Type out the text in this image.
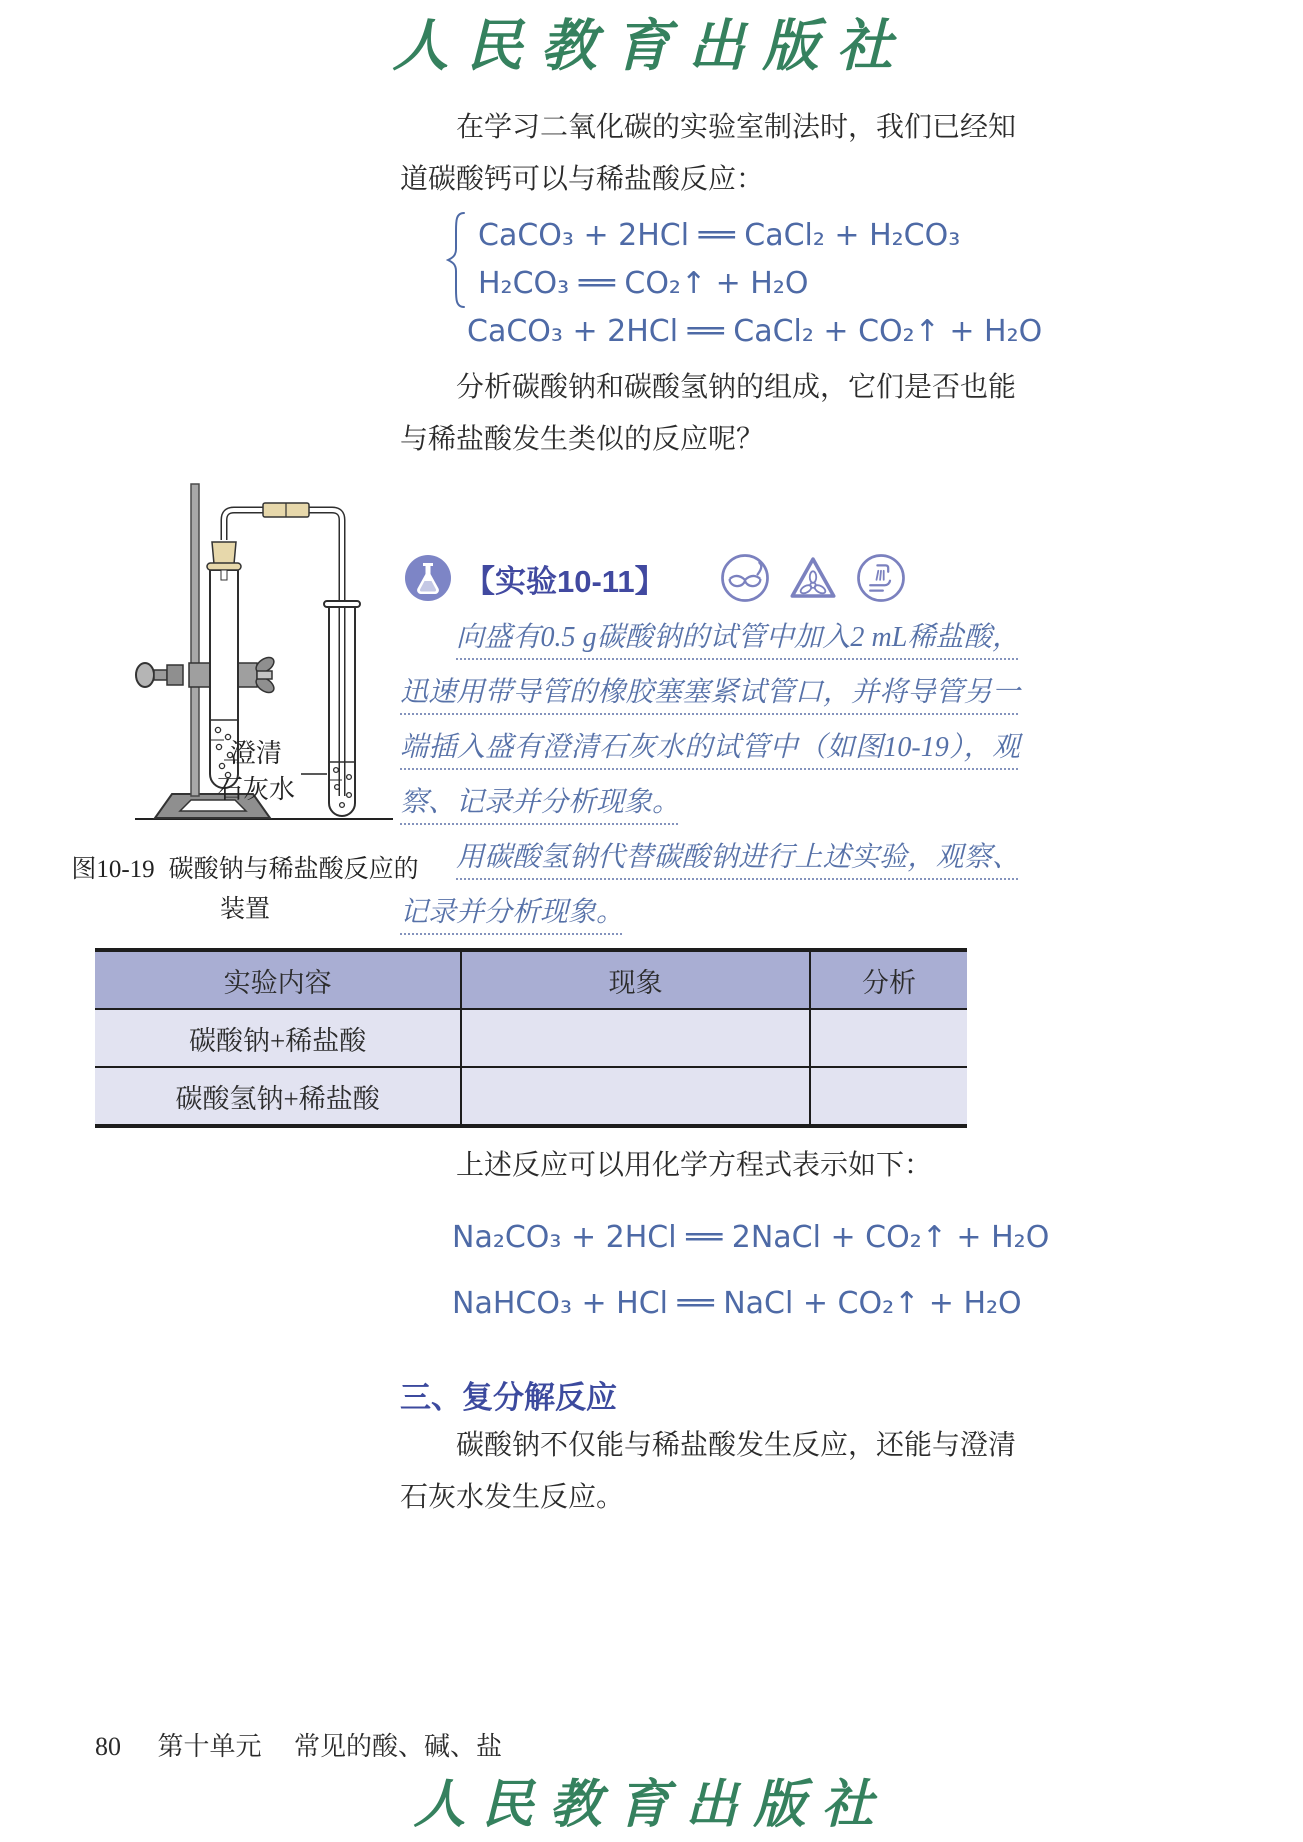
人民教育出版社

在学习二氧化碳的实验室制法时，我们已经知道碳酸钙可以与稀盐酸反应：

CaCO₃ + 2HCl ══ CaCl₂ + H₂CO₃
H₂CO₃ ══ CO₂↑ + H₂O
CaCO₃ + 2HCl ══ CaCl₂ + CO₂↑ + H₂O

分析碳酸钠和碳酸氢钠的组成，它们是否也能与稀盐酸发生类似的反应呢？

【实验10-11】

向盛有0.5 g碳酸钠的试管中加入2 mL稀盐酸，迅速用带导管的橡胶塞塞紧试管口，并将导管另一端插入盛有澄清石灰水的试管中（如图10-19），观察、记录并分析现象。

用碳酸氢钠代替碳酸钠进行上述实验，观察、记录并分析现象。

澄清
石灰水
图10-19 碳酸钠与稀盐酸反应的装置
实验内容	现象	分析
碳酸钠+稀盐酸		
碳酸氢钠+稀盐酸		

上述反应可以用化学方程式表示如下：

Na₂CO₃ + 2HCl ══ 2NaCl + CO₂↑ + H₂O
NaHCO₃ + HCl ══ NaCl + CO₂↑ + H₂O
三、复分解反应

碳酸钠不仅能与稀盐酸发生反应，还能与澄清石灰水发生反应。

80 第十单元 常见的酸、碱、盐
人民教育出版社
